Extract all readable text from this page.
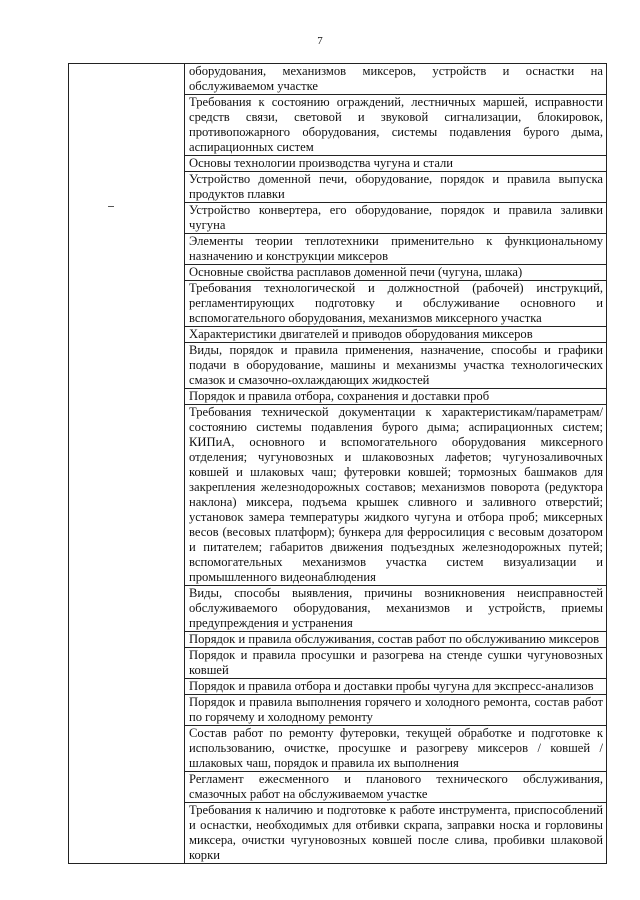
7
	оборудования, механизмов миксеров, устройств и оснастки на обслуживаемом участке
Требования к состоянию ограждений, лестничных маршей, исправности средств связи, световой и звуковой сигнализации, блокировок, противопожарного оборудования, системы подавления бурого дыма, аспирационных систем
Основы технологии производства чугуна и стали
Устройство доменной печи, оборудование, порядок и правила выпуска продуктов плавки
Устройство конвертера, его оборудование, порядок и правила заливки чугуна
Элементы теории теплотехники применительно к функциональному назначению и конструкции миксеров
Основные свойства расплавов доменной печи (чугуна, шлака)
Требования технологической и должностной (рабочей) инструкций, регламентирующих подготовку и обслуживание основного и вспомогательного оборудования, механизмов миксерного участка
Характеристики двигателей и приводов оборудования миксеров
Виды, порядок и правила применения, назначение, способы и графики подачи в оборудование, машины и механизмы участка технологических смазок и смазочно-охлаждающих жидкостей
Порядок и правила отбора, сохранения и доставки проб
Требования технической документации к характеристикам/параметрам/состоянию системы подавления бурого дыма; аспирационных систем; КИПиА, основного и вспомогательного оборудования миксерного отделения; чугуновозных и шлаковозных лафетов; чугунозаливочных ковшей и шлаковых чаш; футеровки ковшей; тормозных башмаков для закрепления железнодорожных составов; механизмов поворота (редуктора наклона) миксера, подъема крышек сливного и заливного отверстий; установок замера температуры жидкого чугуна и отбора проб; миксерных весов (весовых платформ); бункера для ферросилиция с весовым дозатором и питателем; габаритов движения подъездных железнодорожных путей; вспомогательных механизмов участка систем визуализации и промышленного видеонаблюдения
Виды, способы выявления, причины возникновения неисправностей обслуживаемого оборудования, механизмов и устройств, приемы предупреждения и устранения
Порядок и правила обслуживания, состав работ по обслуживанию миксеров
Порядок и правила просушки и разогрева на стенде сушки чугуновозных ковшей
Порядок и правила отбора и доставки пробы чугуна для экспресс-анализов
Порядок и правила выполнения горячего и холодного ремонта, состав работ по горячему и холодному ремонту
Состав работ по ремонту футеровки, текущей обработке и подготовке к использованию, очистке, просушке и разогреву миксеров / ковшей / шлаковых чаш, порядок и правила их выполнения
Регламент ежесменного и планового технического обслуживания, смазочных работ на обслуживаемом участке
Требования к наличию и подготовке к работе инструмента, приспособлений и оснастки, необходимых для отбивки скрапа, заправки носка и горловины миксера, очистки чугуновозных ковшей после слива, пробивки шлаковой корки
